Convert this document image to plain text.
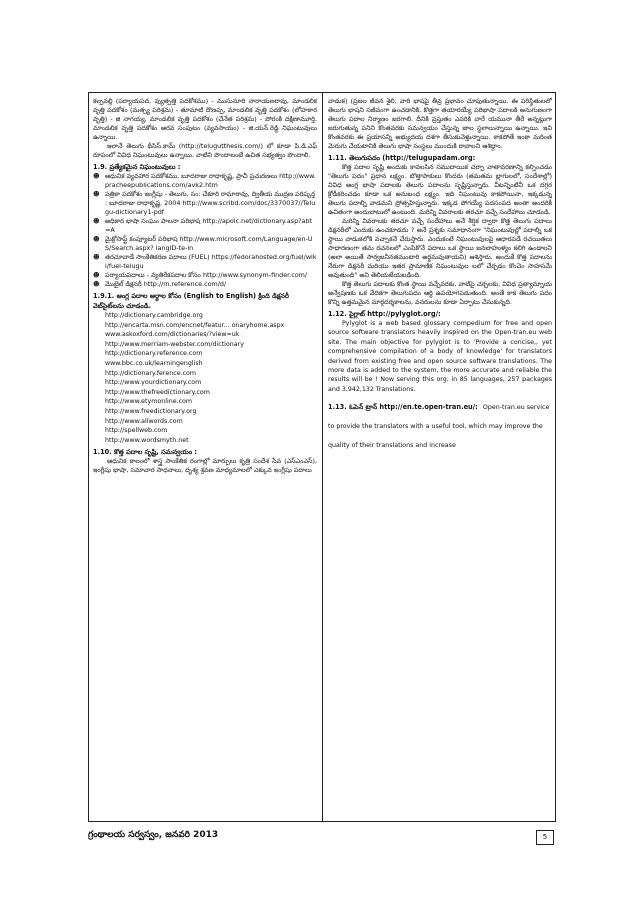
కల్పవల్లి (పర్యాయపద, వ్యుత్పత్తి పదకోశము) - ముసునూరి నారాయణరావు, మాండలిక వృత్తి పదకోశం (మత్స్య పరిశ్రమ) - తూమాటి దొణప్ప, మాండలిక వృత్తి పదకోశం (లోహకార వృత్తి) - జి నాగయ్య, మాండలిక వృత్తి పదకోశం (చేనేత పరిశ్రమ) - పోరంకి దక్షిణామూర్తి, మాండలిక వృత్తి పదకోశం ఆరవ సంపుటం (వ్యవసాయం) - జి.యన్.రెడ్డి నిఘంటువులు ఉన్నాయి.

ఇలానే తెలుగు థీసిస్.కామ్ (http://telugutthesis.com/) లో కూడా పి.డి.ఎఫ్ రూపంలో వివిధ నిఘంటువులు ఉన్నాయి. వాటిని పొందాలంటే ఉచిత సభ్యత్వం పొందాలి.

1.9. ప్రత్యేకమైన నిఘంటువులు :

☻ ఆధునిక వ్యవహార పదకోశము, బూదరాజు రాధాకృష్ణ, ప్రాచీ ప్రచురణలు http://www.pracheepublications.com/avk2.htm
☻ పత్రికా పదకోశం ఇంగ్లీషు - తెలుగు, సం: చేకూరి రామారావు, ద్వితీయ ముద్రణ పరిష్కర్త : బూదరాజు రాధాకృష్ణ. 2004 http://www.scribd.com/doc/3370037//Telugu-dictionary1-pdf
☻ అధికార భాషా సంఘం పాలనా పరిభాష http://apolc.net/dictionary.asp?abt=A
☻ మైక్రోసాఫ్ట్ కంప్యూటర్ పరిభాష http://www.microsoft.com/Language/en-US/Search.aspx? langID-te-in
☻ తరచూవాడే సాంకేతికరణ పదాలు (FUEL) https://fedorahosted.org/fuel/wiki/fuel-telugu
☻ పర్యాయపదాలు - వ్యతిరేకపదాల కోసం http://www.synonym-finder.com/
☻ మొబైల్ డిక్షనరీ http://m.reference.com/d/

1.9.1. ఆంగ్ల పదాల అర్థాల కోసం (English to English) క్రింది డిక్షనరీ వెబ్‌సైట్‌లను చూడండి.

http://dictionary.cambridge.org
http://encarta.msn.com/encnet/featur... onaryhome.aspx
www.askoxford.com/dictionaries/?view=uk
http://www.merriam-webster.com/dictionary
http://dictionary.reference.com
www.bbc.co.uk/learningenglish
http://dictionary.ference.com
http://www.yourdictionary.com
http://www.thefreedictionary.com
http://www.etymonline.com
http://www.freedictionary.org
http://www.allwords.com
http://spellweb.com
http://www.wordsmyth.net

1.10. కొత్త పదాల సృష్టి, సమన్వయం :

ఆధునిక కాలంలో శాస్త్ర సాంకేతిక రంగాల్లో మార్పులు కృత్రి సందేశ సేవ (ఎస్ఎంఎస్), ఇంగ్లీషు భాషా, సమాచార సాధనాలు, దృశ్య శ్రవణ మాధ్యమాలలో ఎక్కువ ఇంగ్లీషు పదాలు

వాడుక) (ప్రజల జీవన శైలి, వారి భాషపై తీవ్ర ప్రభావం చూపుతున్నాయి. ఈ పరిస్థితులలో తెలుగు భాషని సజీవంగా ఉంచడానికి, కొత్తగా తయారయ్యే పరిభాషా పదాలకి అనుగుణంగా తెలుగు పదాల నిర్మాణం జరగాలి. దీనికి ప్రస్తుతం ఎవరికి వారే యమునా తీరే అన్నట్లుగా జరుగుతున్న పనిని కొంతవరకు సమన్వయం చేస్తున్న జాల స్థలాలున్నాయి ఉన్నాయి. ఇవి కొంతవరకు ఈ ప్రయాసన్ని అభ్యుదయ దశగా తీసుకువెళ్తున్నాయి. కాకపోతే ఇంకా మరింత మెరుగు చేయటానికి తెలుగు భాషా సంస్థలు ముందుకి రావాలని ఆశిద్దాం.

1.11. తెలుగుపదం (http://telugupadam.org:

కొత్త పదాల సృష్టి అందుకు కావలసిన సముదాయిక చర్చా వాతావరణాన్ని కల్పించడం "తెలుగు పదం" ప్రధాన లక్ష్యం. బొత్తాపాకులు కొందరు (తమతమ బ్లాగులలో, సందేశాల్లో) వివిధ ఆంగ్ల భాషా పదాలకు తెలుగు పదాలను సృష్టిస్తున్నారు. వీటన్నింటినీ ఒక దగ్గర క్రోడీకరించడం కూడా ఒక అనుబంధ లక్ష్యం. ఇది నిఘంటువు కాకపోయినా, ఇక్కడున్న తెలుగు పదాల్ని వాడమని ప్రోత్సహిస్తున్నారు. ఇక్కడ పోగయ్యే పదసంపద అంతా అందరికీ ఉచితంగా అందుబాటులో ఉంటుంది. మరిన్ని వివరాలకు తరచూ వచ్చే సందేహాలు చూడండి.

మరిన్ని వివరాలకు తరచూ వచ్చే సందేహాలు అనే శీర్షిక ద్వారా కొత్త తెలుగు పదాలు డిక్షనరీలో ఎందుకు ఉంచకూడదు ? అనే ప్రశ్నకు సమాధానంగా "నిఘంటువుల్లో పదాల్ని ఒక స్థాయి వాడుకలోకి వచ్చాకనే చేరుస్తారు. ఎందుకంటే నిఘంటువులపై ఆధారపడే రచయితలు సాధారణంగా తమ రచనలలో ఎంపికొనే పదాలు ఒక స్థాయి జనబాహుళ్యం కలిగి ఉండాలని (అలా అయితే సార్వజనీనతమంటారి అర్థమవుతాయని) ఆశిస్తారు. అందుకే కొత్త పదాలను నేరుగా డిక్షనరీ మరియు ఇతర ప్రామాణిక నిఘంటువుల లలో చేర్చడం కొంచెం సాహసమే అవుతుంది" అని తెలియజేయబడింది.

కొత్త తెలుగు పదాలకు కొంత స్థాయి వచ్చేవరకు, వాటిపై చర్చలకు, వివిధ ప్రత్యామ్నాయ అన్వేషణకు ఒక వేదికగా తెలుగుపదం ఆర్థి ఉపయోగపడుతుంది. అంతే కాక తెలుగు పదం కొన్ని ఉత్తమమైన మార్గదర్శకాలను, వనరులను కూడా ఏర్పాటు చేసుకున్నది.

1.12. పైగ్లాట్ http://pylyglot.org/:

Pylyglot is a web based glossary compedium for free and open source software translators heavily inspired on the Open-tran.eu web site. The main objective for pylyglot is to 'Provide a concise,, yet comprehensive compilation of a body of knowledge' for translators derived from existing free and open source software translations. The more data is added to the system, the more accurate and reliable the results will be ! Now serving this org. in 85 languages, 257 packages and 3,942,132 Translations.

1.13. ఓపెన్ ట్రాన్ http://en.te.open-tran.eu/: Open-tran.eu service to provide the translators with a useful tool, which may improve the quality of their translations and increase
గ్రంథాలయ సర్వస్వం, జనవరి 2013	5
